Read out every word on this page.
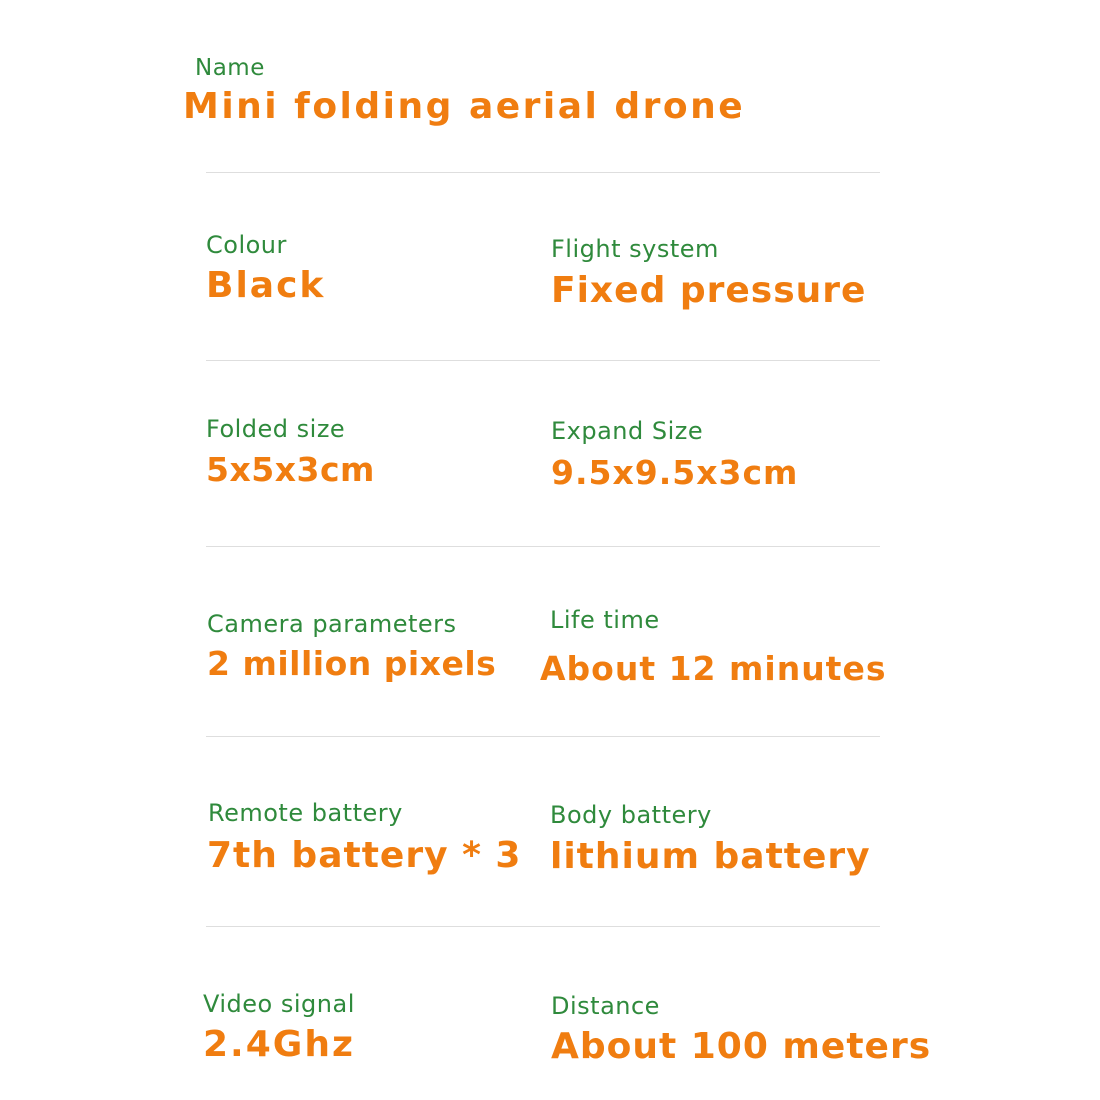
Name
Mini folding aerial drone
Colour
Black
Flight system
Fixed pressure
Folded size
5x5x3cm
Expand Size
9.5x9.5x3cm
Camera parameters
2 million pixels
Life time
About 12 minutes
Remote battery
7th battery * 3
Body battery
lithium battery
Video signal
2.4Ghz
Distance
About 100 meters
